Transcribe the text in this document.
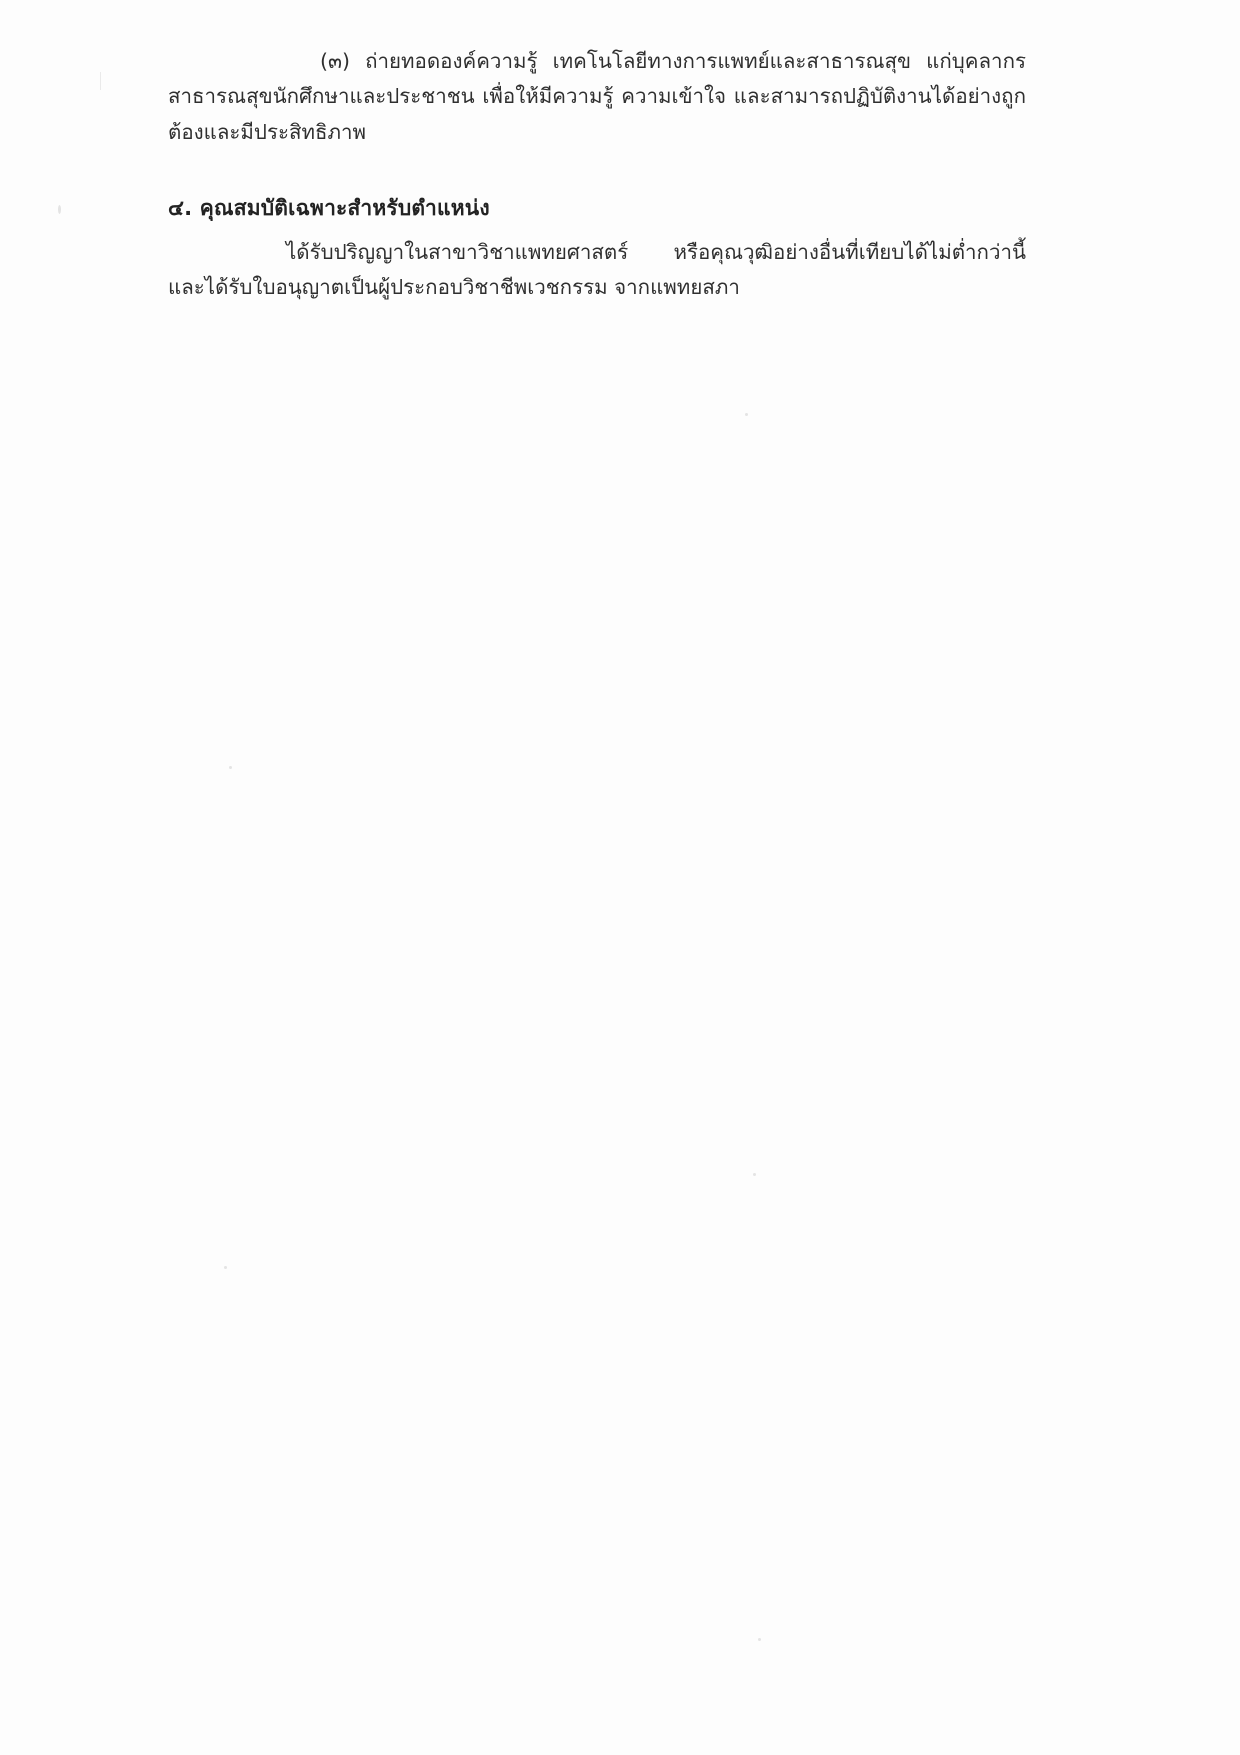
(๓) ถ่ายทอดองค์ความรู้ เทคโนโลยีทางการแพทย์และสาธารณสุข แก่บุคลากรสาธารณสุขนักศึกษาและประชาชน เพื่อให้มีความรู้ ความเข้าใจ และสามารถปฏิบัติงานได้อย่างถูกต้องและมีประสิทธิภาพ

๔. คุณสมบัติเฉพาะสำหรับตำแหน่ง

ได้รับปริญญาในสาขาวิชาแพทยศาสตร์ หรือคุณวุฒิอย่างอื่นที่เทียบได้ไม่ต่ำกว่านี้ และได้รับใบอนุญาตเป็นผู้ประกอบวิชาชีพเวชกรรม จากแพทยสภา
